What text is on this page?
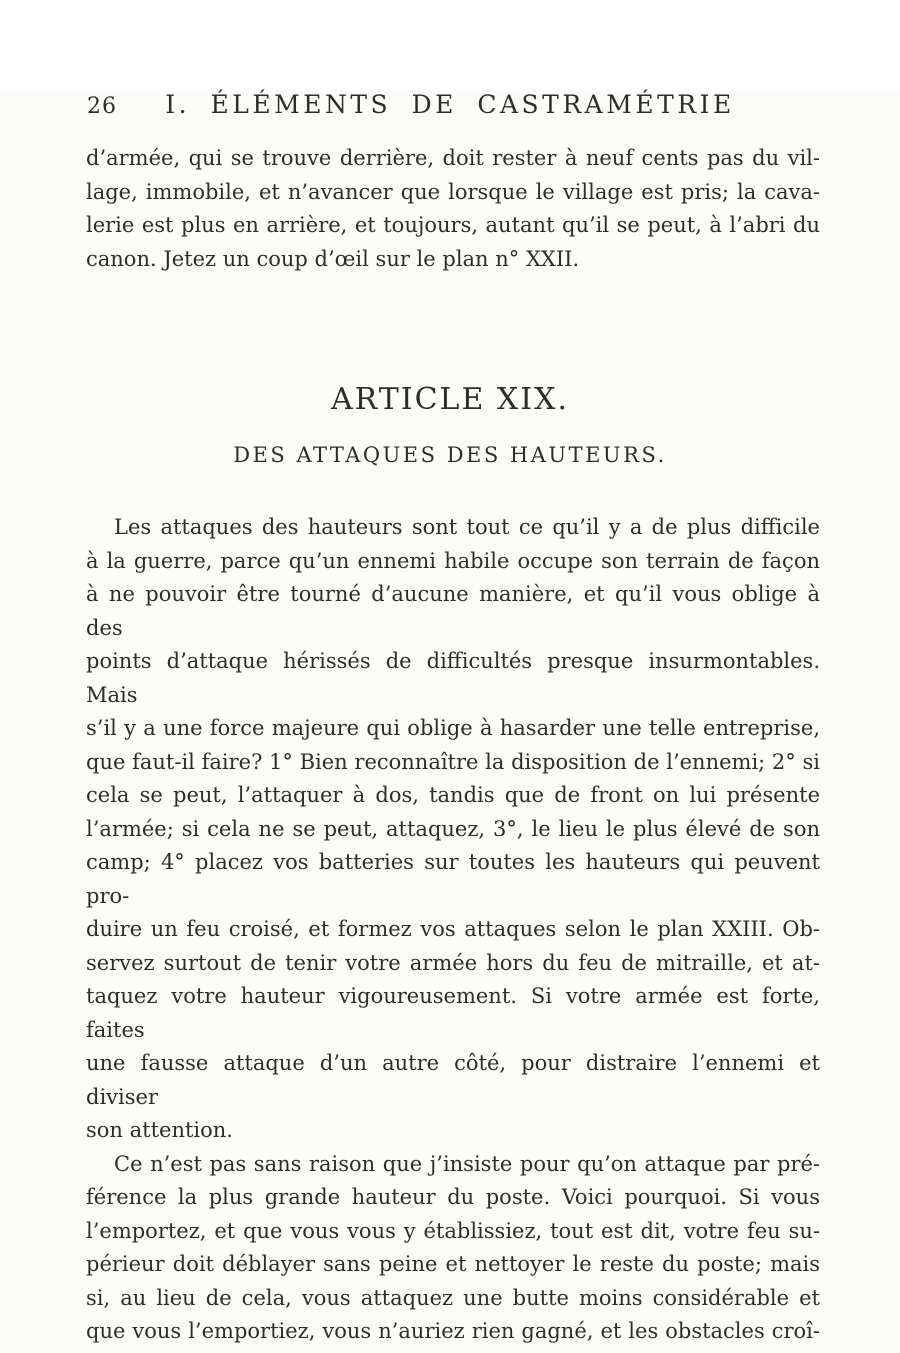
26	I. ÉLÉMENTS DE CASTRAMÉTRIE
d’armée, qui se trouve derrière, doit rester à neuf cents pas du vil-
lage, immobile, et n’avancer que lorsque le village est pris; la cava-
lerie est plus en arrière, et toujours, autant qu’il se peut, à l’abri du
canon. Jetez un coup d’œil sur le plan n° XXII.
ARTICLE XIX.
DES ATTAQUES DES HAUTEURS.
Les attaques des hauteurs sont tout ce qu’il y a de plus difficile
à la guerre, parce qu’un ennemi habile occupe son terrain de façon
à ne pouvoir être tourné d’aucune manière, et qu’il vous oblige à des
points d’attaque hérissés de difficultés presque insurmontables. Mais
s’il y a une force majeure qui oblige à hasarder une telle entreprise,
que faut-il faire? 1° Bien reconnaître la disposition de l’ennemi; 2° si
cela se peut, l’attaquer à dos, tandis que de front on lui présente
l’armée; si cela ne se peut, attaquez, 3°, le lieu le plus élevé de son
camp; 4° placez vos batteries sur toutes les hauteurs qui peuvent pro-
duire un feu croisé, et formez vos attaques selon le plan XXIII. Ob-
servez surtout de tenir votre armée hors du feu de mitraille, et at-
taquez votre hauteur vigoureusement. Si votre armée est forte, faites
une fausse attaque d’un autre côté, pour distraire l’ennemi et diviser
son attention.
Ce n’est pas sans raison que j’insiste pour qu’on attaque par pré-
férence la plus grande hauteur du poste. Voici pourquoi. Si vous
l’emportez, et que vous vous y établissiez, tout est dit, votre feu su-
périeur doit déblayer sans peine et nettoyer le reste du poste; mais
si, au lieu de cela, vous attaquez une butte moins considérable et
que vous l’emportiez, vous n’auriez rien gagné, et les obstacles croî-
